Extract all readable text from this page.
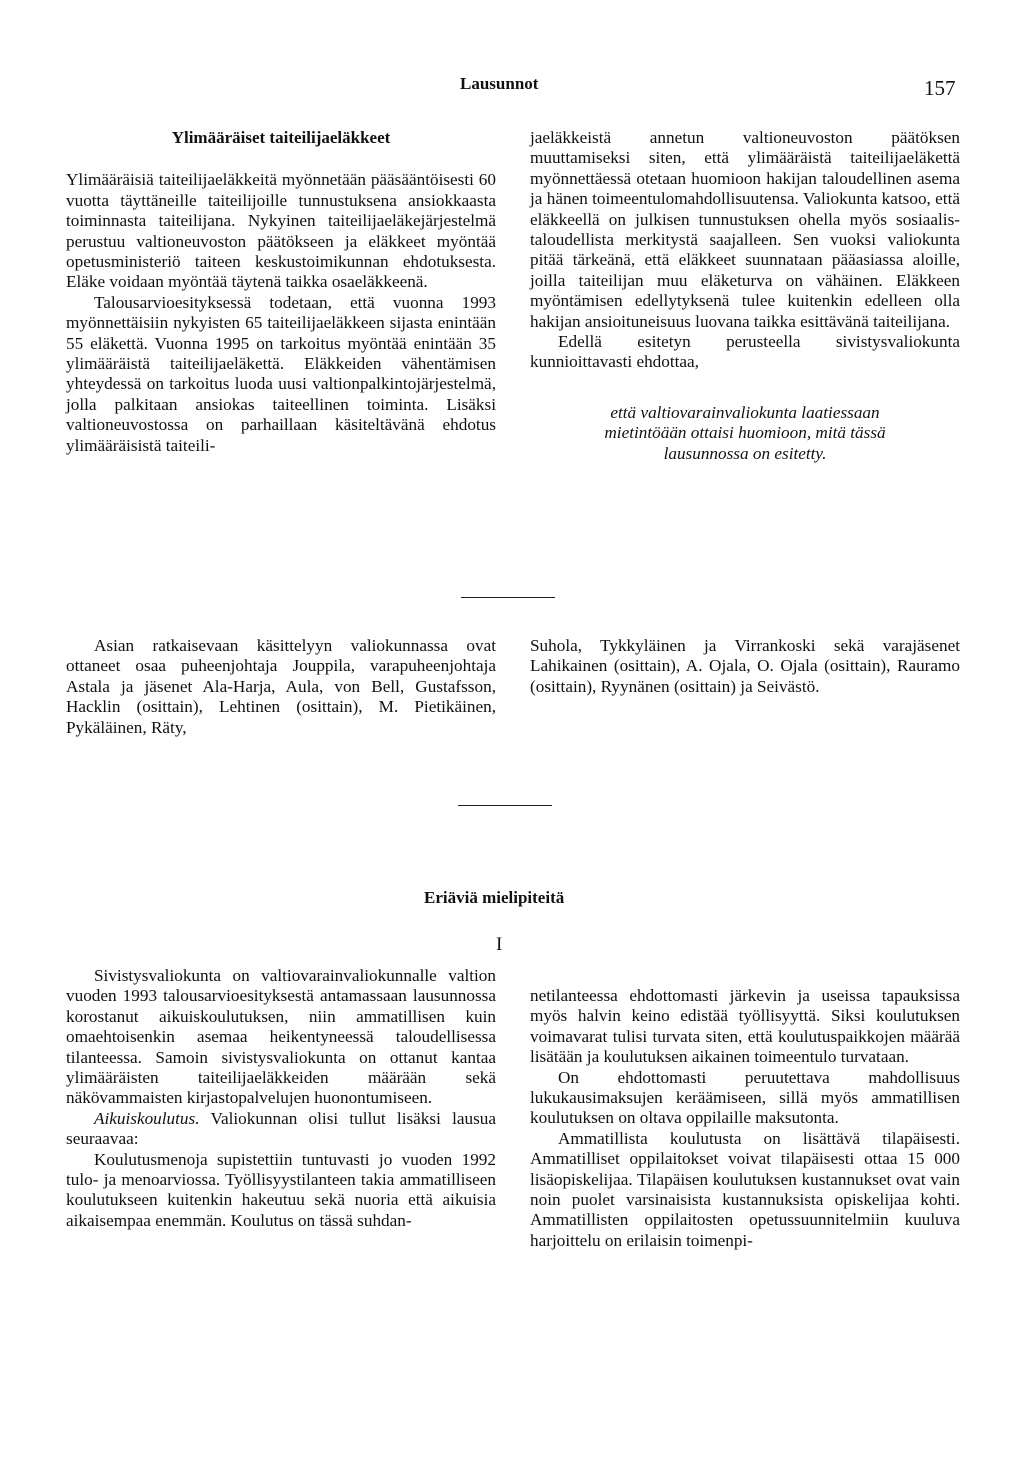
Lausunnot	157

Ylimääräiset taiteilijaeläkkeet

Ylimääräisiä taiteilijaeläkkeitä myönnetään pääsääntöisesti 60 vuotta täyttäneille taiteilijoille tunnustuksena ansiokkaasta toiminnasta taiteilijana. Nykyinen taiteilijaeläkejärjestelmä perustuu valtioneuvoston päätökseen ja eläkkeet myöntää opetusministeriö taiteen keskustoimikunnan ehdotuksesta. Eläke voidaan myöntää täytenä taikka osaeläkkeenä.

Talousarvioesityksessä todetaan, että vuonna 1993 myönnettäisiin nykyisten 65 taiteilijaeläkkeen sijasta enintään 55 eläkettä. Vuonna 1995 on tarkoitus myöntää enintään 35 ylimääräistä taiteilijaeläkettä. Eläkkeiden vähentämisen yhteydessä on tarkoitus luoda uusi valtionpalkintojärjestelmä, jolla palkitaan ansiokas taiteellinen toiminta. Lisäksi valtioneuvostossa on parhaillaan käsiteltävänä ehdotus ylimääräisistä taiteili-

jaeläkkeistä annetun valtioneuvoston päätöksen muuttamiseksi siten, että ylimääräistä taiteilijaeläkettä myönnettäessä otetaan huomioon hakijan taloudellinen asema ja hänen toimeentulomahdollisuutensa. Valiokunta katsoo, että eläkkeellä on julkisen tunnustuksen ohella myös sosiaalis-taloudellista merkitystä saajalleen. Sen vuoksi valiokunta pitää tärkeänä, että eläkkeet suunnataan pääasiassa aloille, joilla taiteilijan muu eläketurva on vähäinen. Eläkkeen myöntämisen edellytyksenä tulee kuitenkin edelleen olla hakijan ansioituneisuus luovana taikka esittävänä taiteilijana.

Edellä esitetyn perusteella sivistysvaliokunta kunnioittavasti ehdottaa,

että valtiovarainvaliokunta laatiessaan mietintöään ottaisi huomioon, mitä tässä lausunnossa on esitetty.

Asian ratkaisevaan käsittelyyn valiokunnassa ovat ottaneet osaa puheenjohtaja Jouppila, varapuheenjohtaja Astala ja jäsenet Ala-Harja, Aula, von Bell, Gustafsson, Hacklin (osittain), Lehtinen (osittain), M. Pietikäinen, Pykäläinen, Räty,

Suhola, Tykkyläinen ja Virrankoski sekä varajäsenet Lahikainen (osittain), A. Ojala, O. Ojala (osittain), Rauramo (osittain), Ryynänen (osittain) ja Seivästö.

Eriäviä mielipiteitä
I

Sivistysvaliokunta on valtiovarainvaliokunnalle valtion vuoden 1993 talousarvioesityksestä antamassaan lausunnossa korostanut aikuiskoulutuksen, niin ammatillisen kuin omaehtoisenkin asemaa heikentyneessä taloudellisessa tilanteessa. Samoin sivistysvaliokunta on ottanut kantaa ylimääräisten taiteilijaeläkkeiden määrään sekä näkövammaisten kirjastopalvelujen huonontumiseen.

Aikuiskoulutus. Valiokunnan olisi tullut lisäksi lausua seuraavaa:

Koulutusmenoja supistettiin tuntuvasti jo vuoden 1992 tulo- ja menoarviossa. Työllisyystilanteen takia ammatilliseen koulutukseen kuitenkin hakeutuu sekä nuoria että aikuisia aikaisempaa enemmän. Koulutus on tässä suhdan-

netilanteessa ehdottomasti järkevin ja useissa tapauksissa myös halvin keino edistää työllisyyttä. Siksi koulutuksen voimavarat tulisi turvata siten, että koulutuspaikkojen määrää lisätään ja koulutuksen aikainen toimeentulo turvataan.

On ehdottomasti peruutettava mahdollisuus lukukausimaksujen keräämiseen, sillä myös ammatillisen koulutuksen on oltava oppilaille maksutonta.

Ammatillista koulutusta on lisättävä tilapäisesti. Ammatilliset oppilaitokset voivat tilapäisesti ottaa 15 000 lisäopiskelijaa. Tilapäisen koulutuksen kustannukset ovat vain noin puolet varsinaisista kustannuksista opiskelijaa kohti. Ammatillisten oppilaitosten opetussuunnitelmiin kuuluva harjoittelu on erilaisin toimenpi-
